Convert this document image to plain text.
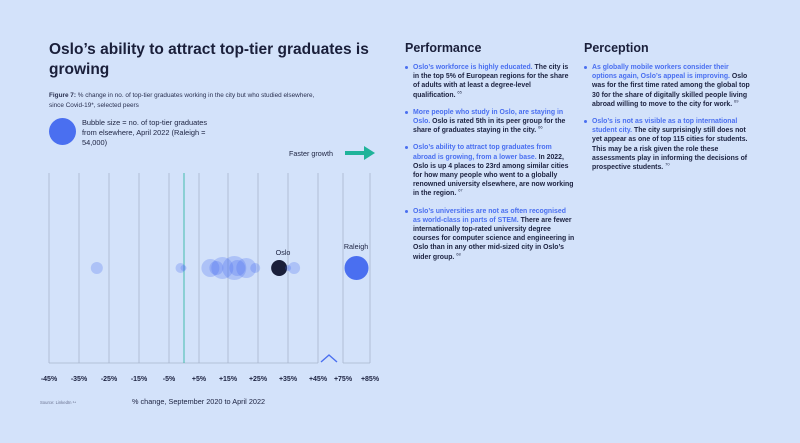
Oslo’s ability to attract top-tier graduates is growing
Figure 7: % change in no. of top-tier graduates working in the city but who studied elsewhere, since Covid-19*, selected peers
Bubble size = no. of top-tier graduates from elsewhere, April 2022 (Raleigh = 54,000)
Faster growth
Oslo
Raleigh
-45% -35% -25% -15% -5% +5% +15% +25% +35% +45% +75% +85%
% change, September 2020 to April 2022
Source: LinkedIn ⁶⁴
Performance
Oslo’s workforce is highly educated. The city is in the top 5% of European regions for the share of adults with at least a degree-level qualification. $^{65}$
More people who study in Oslo, are staying in Oslo. Oslo is rated 5th in its peer group for the share of graduates staying in the city. $^{66}$
Oslo’s ability to attract top graduates from abroad is growing, from a lower base. In 2022, Oslo is up 4 places to 23rd among similar cities for how many people who went to a globally renowned university elsewhere, are now working in the region. $^{67}$
Oslo’s universities are not as often recognised as world-class in parts of STEM. There are fewer internationally top-rated university degree courses for computer science and engineering in Oslo than in any other mid-sized city in Oslo’s wider group. $^{68}$
Perception
As globally mobile workers consider their options again, Oslo’s appeal is improving. Oslo was for the first time rated among the global top 30 for the share of digitally skilled people living abroad willing to move to the city for work. $^{69}$
Oslo’s is not as visible as a top international student city. The city surprisingly still does not yet appear as one of top 115 cities for students. This may be a risk given the role these assessments play in informing the decisions of prospective students. $^{70}$
